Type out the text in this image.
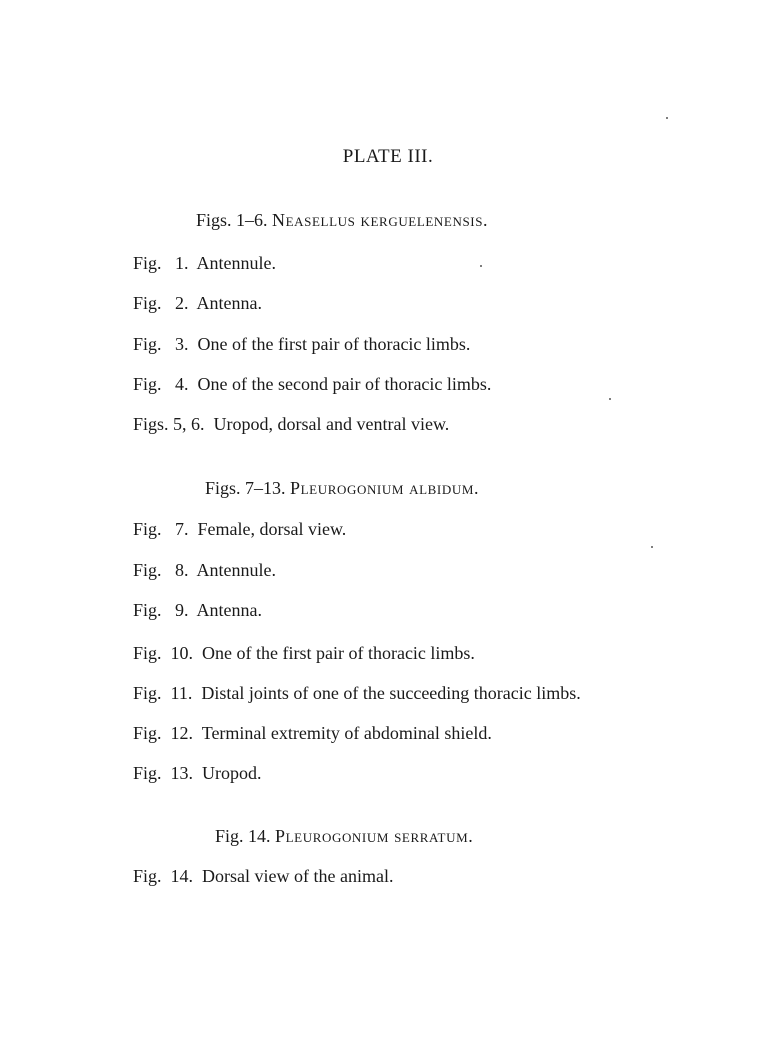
PLATE III.
Figs. 1–6. Neasellus kerguelenensis.
Fig. 1. Antennule.
Fig. 2. Antenna.
Fig. 3. One of the first pair of thoracic limbs.
Fig. 4. One of the second pair of thoracic limbs.
Figs. 5, 6. Uropod, dorsal and ventral view.
Figs. 7–13. Pleurogonium albidum.
Fig. 7. Female, dorsal view.
Fig. 8. Antennule.
Fig. 9. Antenna.
Fig. 10. One of the first pair of thoracic limbs.
Fig. 11. Distal joints of one of the succeeding thoracic limbs.
Fig. 12. Terminal extremity of abdominal shield.
Fig. 13. Uropod.
Fig. 14. Pleurogonium serratum.
Fig. 14. Dorsal view of the animal.
